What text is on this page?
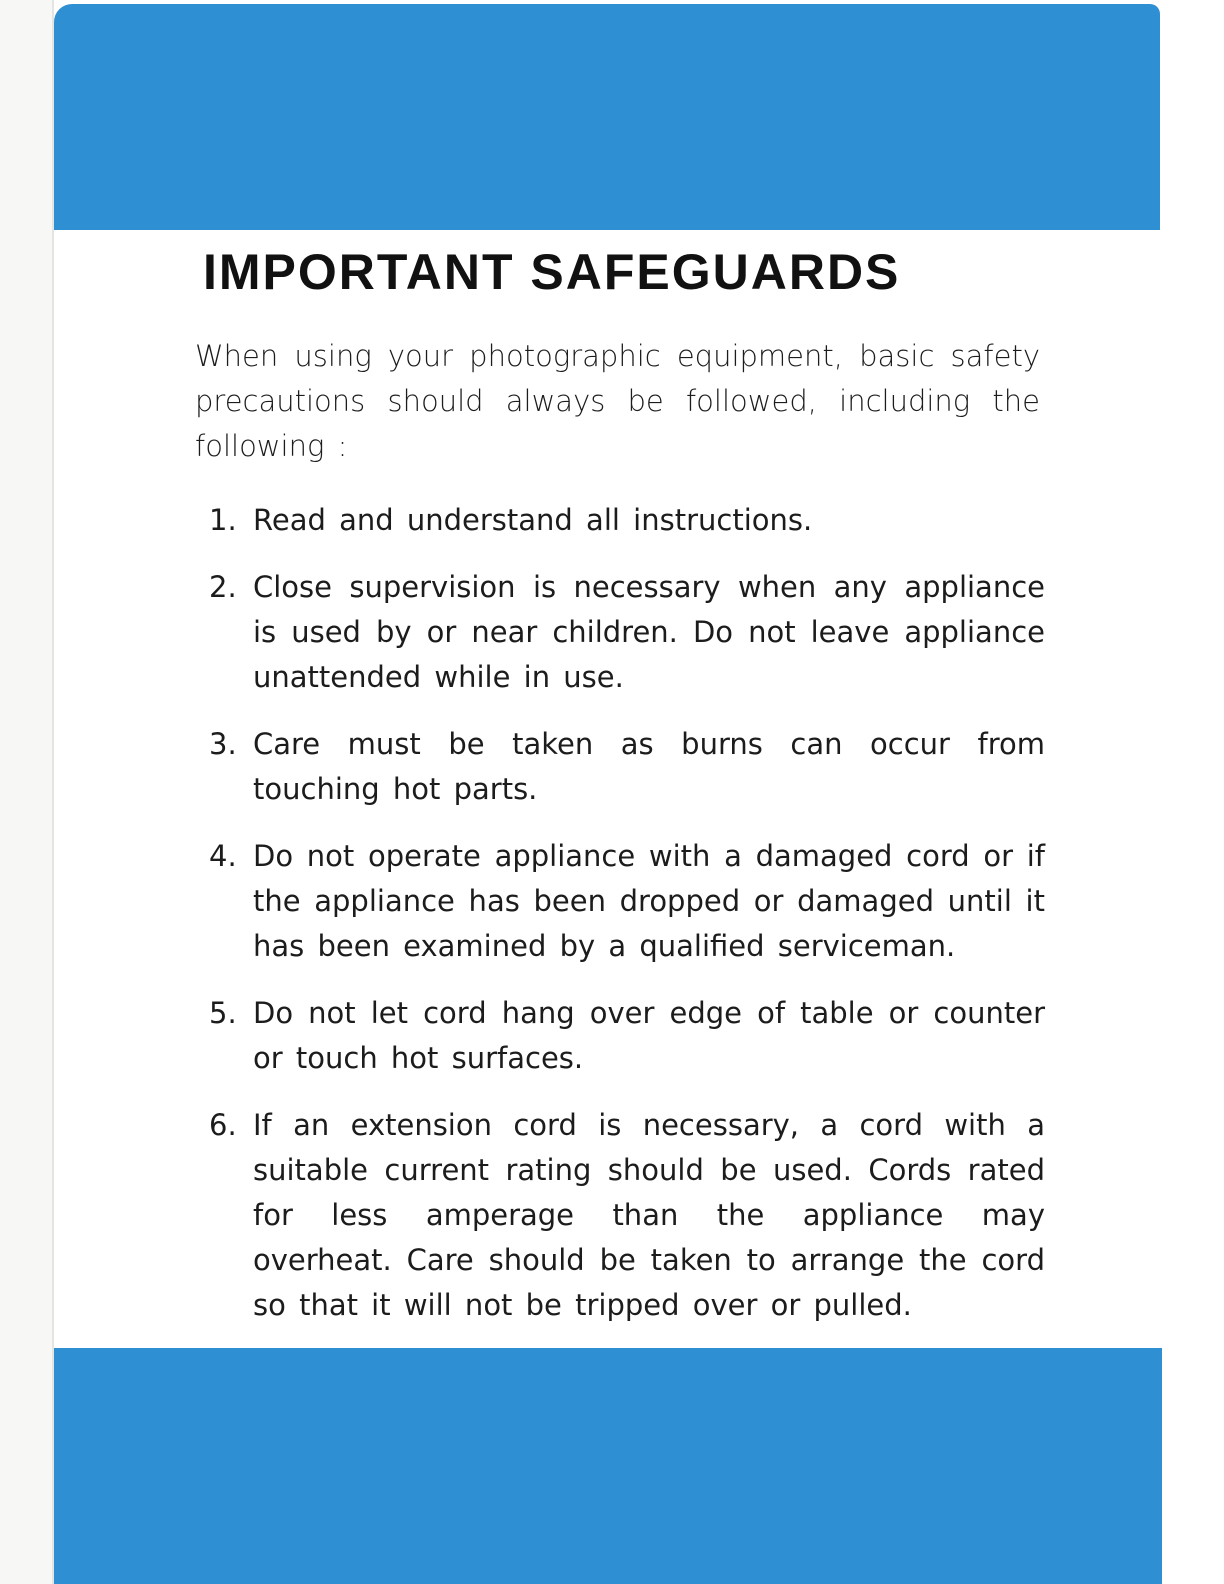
IMPORTANT SAFEGUARDS

When using your photographic equipment, basic safety precautions should always be followed, including the following :

1. Read and understand all instructions.
2. Close supervision is necessary when any appliance is used by or near children. Do not leave appliance unattended while in use.
3. Care must be taken as burns can occur from touching hot parts.
4. Do not operate appliance with a damaged cord or if the appliance has been dropped or damaged until it has been examined by a qualified serviceman.
5. Do not let cord hang over edge of table or counter or touch hot surfaces.
6. If an extension cord is necessary, a cord with a suitable current rating should be used. Cords rated for less amperage than the appliance may overheat. Care should be taken to arrange the cord so that it will not be tripped over or pulled.
